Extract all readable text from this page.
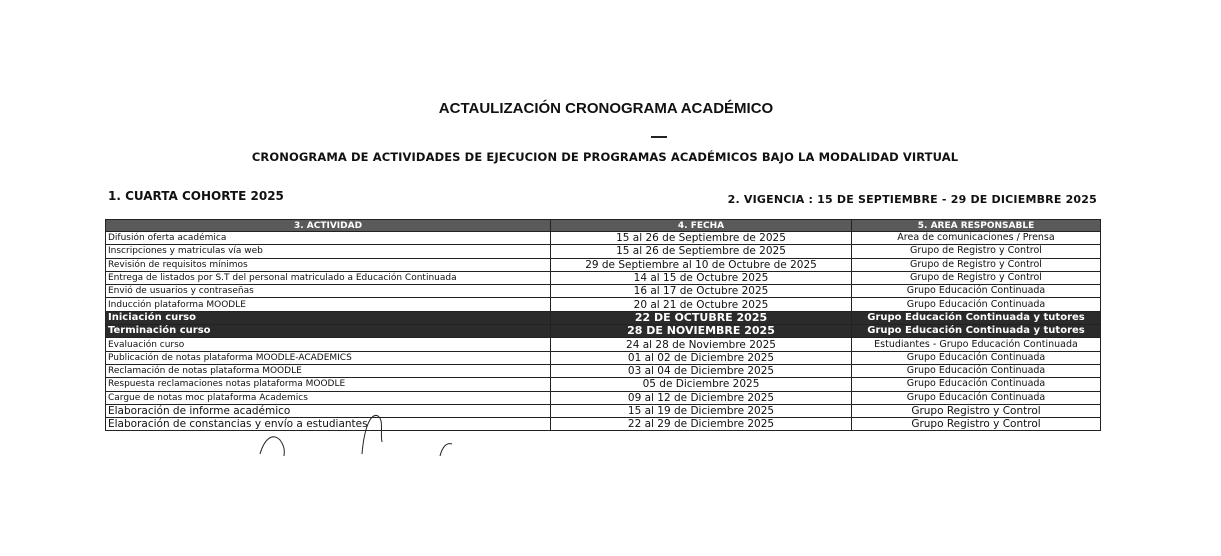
ACTAULIZACIÓN CRONOGRAMA ACADÉMICO
CRONOGRAMA DE ACTIVIDADES DE EJECUCION DE PROGRAMAS ACADÉMICOS BAJO LA MODALIDAD VIRTUAL
1. CUARTA COHORTE 2025	2. VIGENCIA : 15 DE SEPTIEMBRE - 29 DE DICIEMBRE 2025
3. ACTIVIDAD	4. FECHA	5. AREA RESPONSABLE
Difusión oferta académica	15 al 26 de Septiembre de 2025	Área de comunicaciones / Prensa
Inscripciones y matriculas vía web	15 al 26 de Septiembre de 2025	Grupo de Registro y Control
Revisión de requisitos mínimos	29 de Septiembre al 10 de Octubre de 2025	Grupo de Registro y Control
Entrega de listados por S.T del personal matriculado a Educación Continuada	14 al 15 de Octubre 2025	Grupo de Registro y Control
Envió de usuarios y contraseñas	16 al 17 de Octubre 2025	Grupo Educación Continuada
Inducción plataforma MOODLE	20 al 21 de Octubre 2025	Grupo Educación Continuada
Iniciación curso	22 DE OCTUBRE 2025	Grupo Educación Continuada y tutores
Terminación curso	28 DE NOVIEMBRE 2025	Grupo Educación Continuada y tutores
Evaluación curso	24 al 28 de Noviembre 2025	Estudiantes - Grupo Educación Continuada
Publicación de notas plataforma MOODLE-ACADEMICS	01 al 02 de Diciembre 2025	Grupo Educación Continuada
Reclamación de notas plataforma MOODLE	03 al 04 de Diciembre 2025	Grupo Educación Continuada
Respuesta reclamaciones notas plataforma MOODLE	05 de Diciembre 2025	Grupo Educación Continuada
Cargue de notas moc plataforma Academics	09 al 12 de Diciembre 2025	Grupo Educación Continuada
Elaboración de informe académico	15 al 19 de Diciembre 2025	Grupo Registro y Control
Elaboración de constancias y envío a estudiantes	22 al 29 de Diciembre 2025	Grupo Registro y Control
